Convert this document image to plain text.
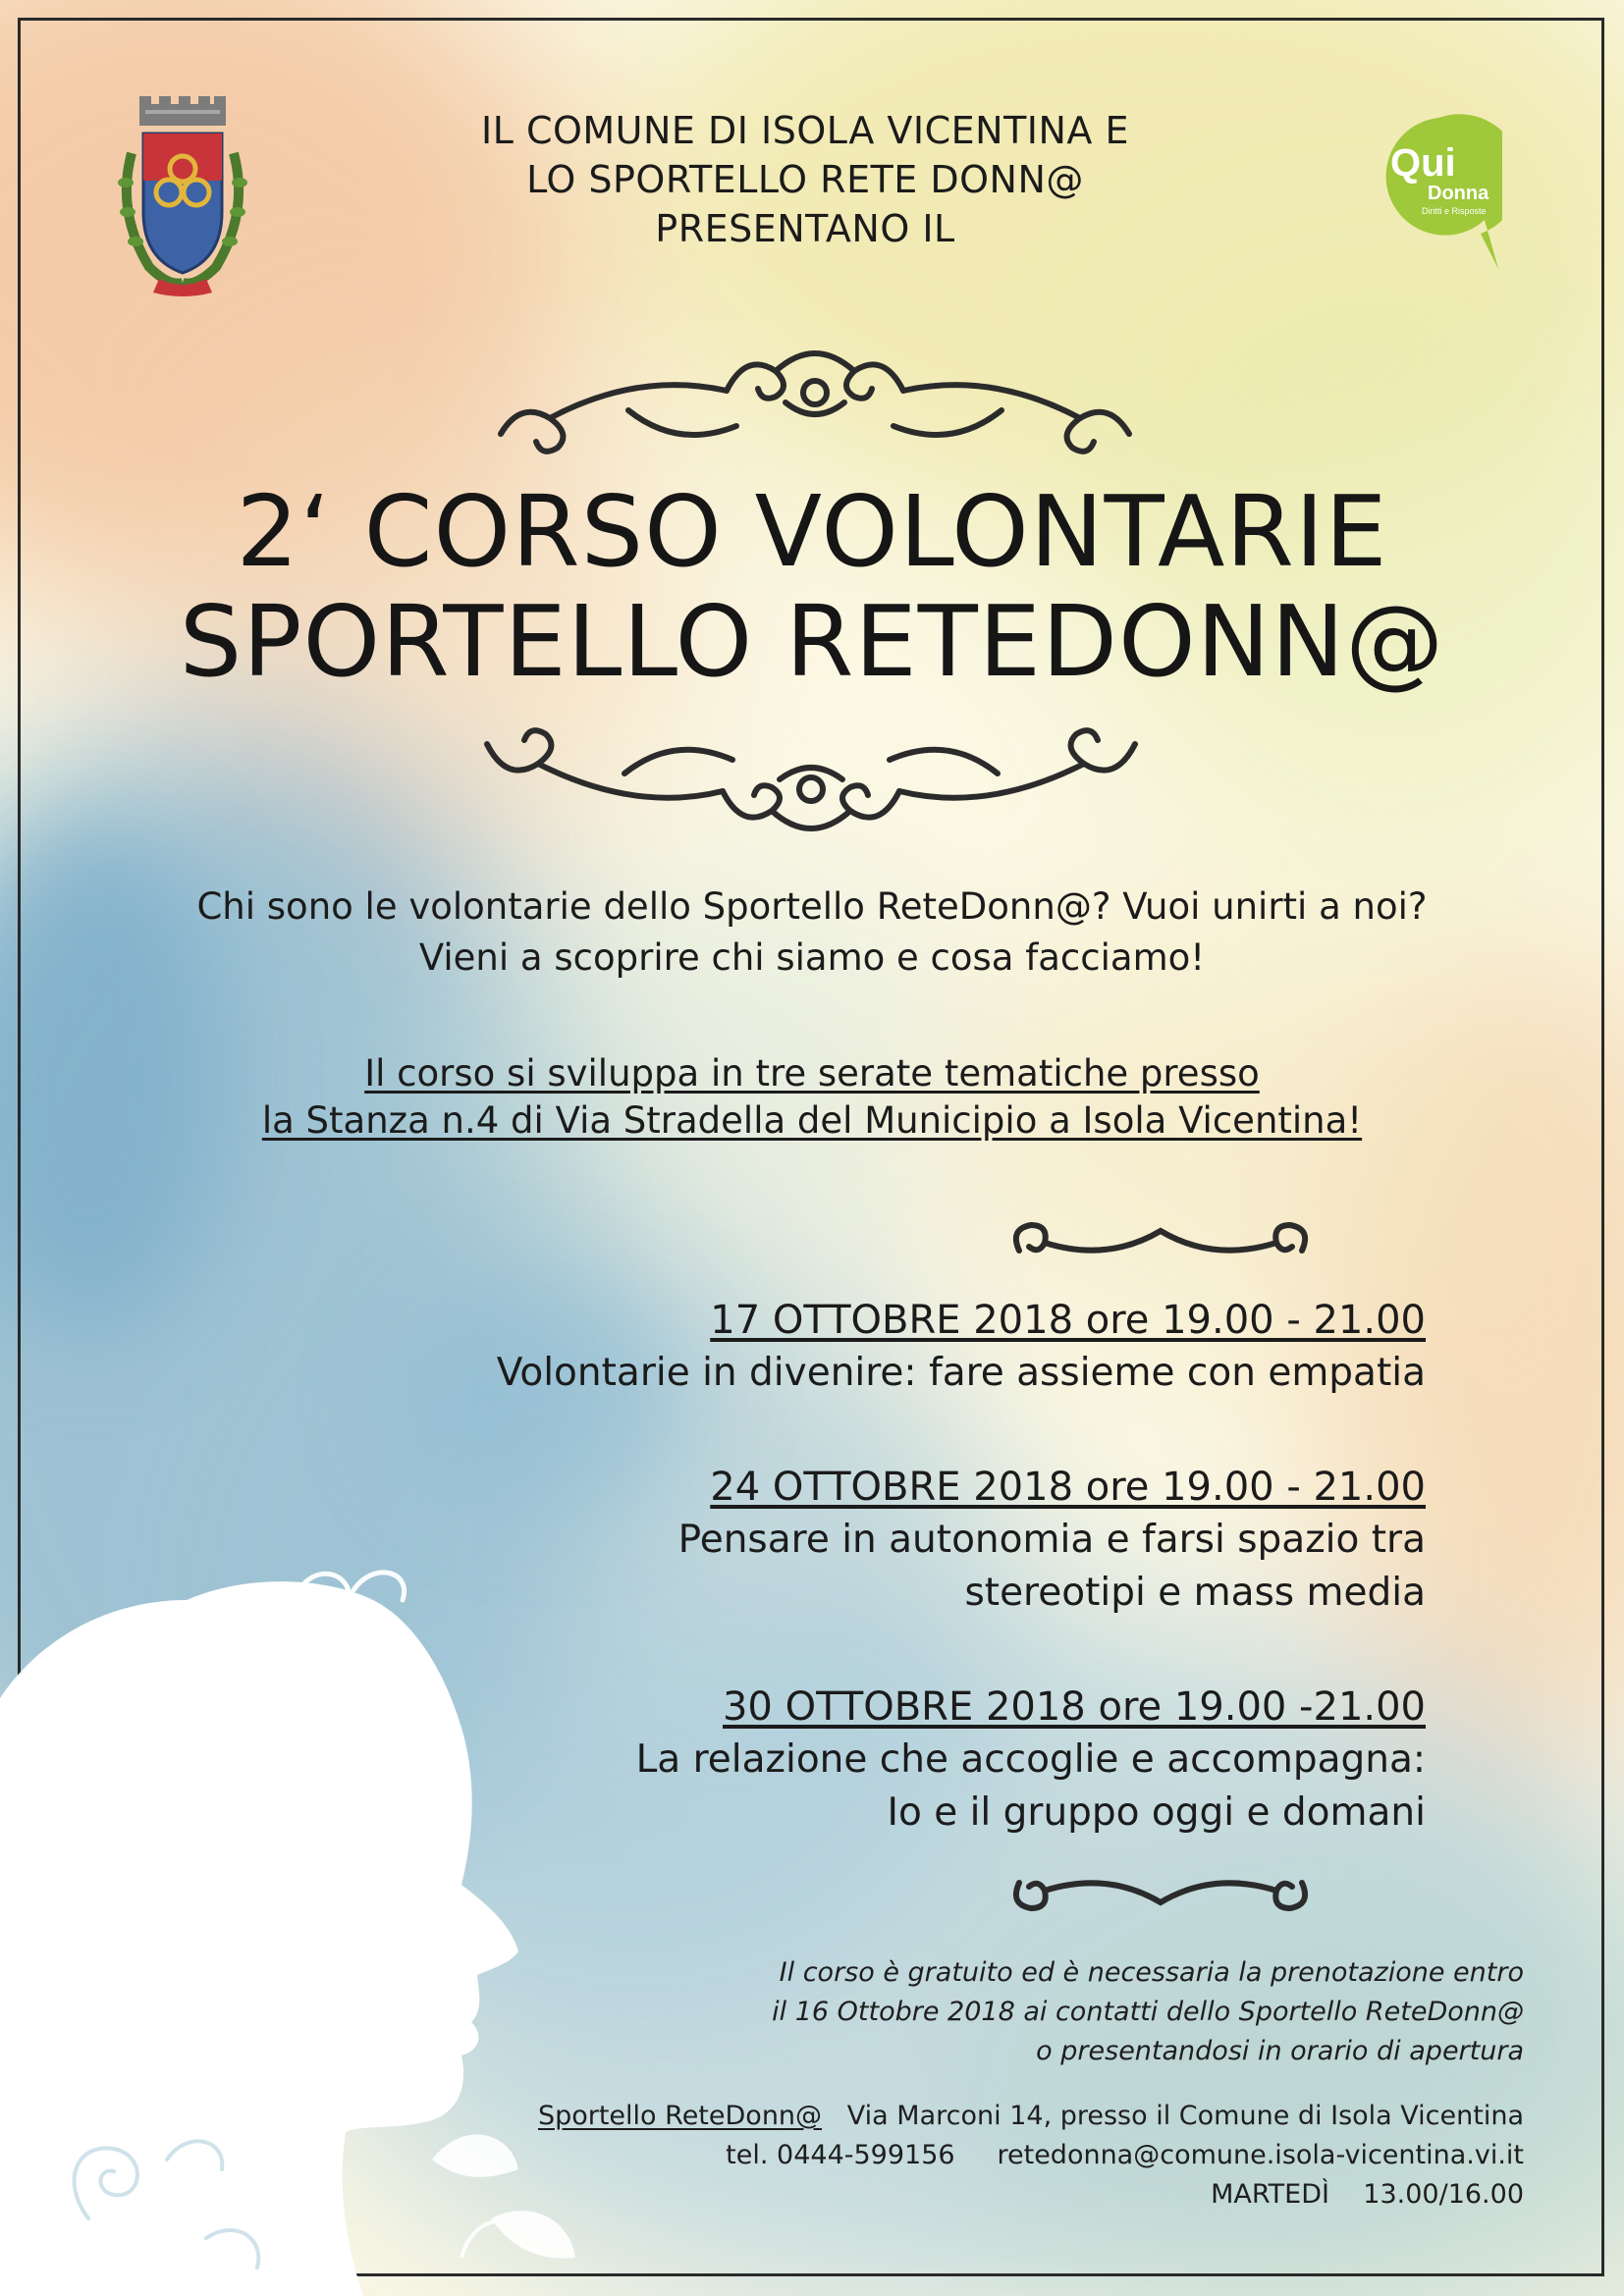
IL COMUNE DI ISOLA VICENTINA E
LO SPORTELLO RETE DONN@
PRESENTANO IL
Qui
Donna
Diritti e Risposte
2‘ CORSO VOLONTARIE
SPORTELLO RETEDONN@
Chi sono le volontarie dello Sportello ReteDonn@? Vuoi unirti a noi?
Vieni a scoprire chi siamo e cosa facciamo!
Il corso si sviluppa in tre serate tematiche presso
la Stanza n.4 di Via Stradella del Municipio a Isola Vicentina!
17 OTTOBRE 2018 ore 19.00 - 21.00
Volontarie in divenire: fare assieme con empatia
24 OTTOBRE 2018 ore 19.00 - 21.00
Pensare in autonomia e farsi spazio tra
stereotipi e mass media
30 OTTOBRE 2018 ore 19.00 -21.00
La relazione che accoglie e accompagna:
Io e il gruppo oggi e domani
Il corso è gratuito ed è necessaria la prenotazione entro
il 16 Ottobre 2018 ai contatti dello Sportello ReteDonn@
o presentandosi in orario di apertura
Sportello ReteDonn@ Via Marconi 14, presso il Comune di Isola Vicentina
tel. 0444-599156 retedonna@comune.isola-vicentina.vi.it
MARTEDÌ    13.00/16.00
